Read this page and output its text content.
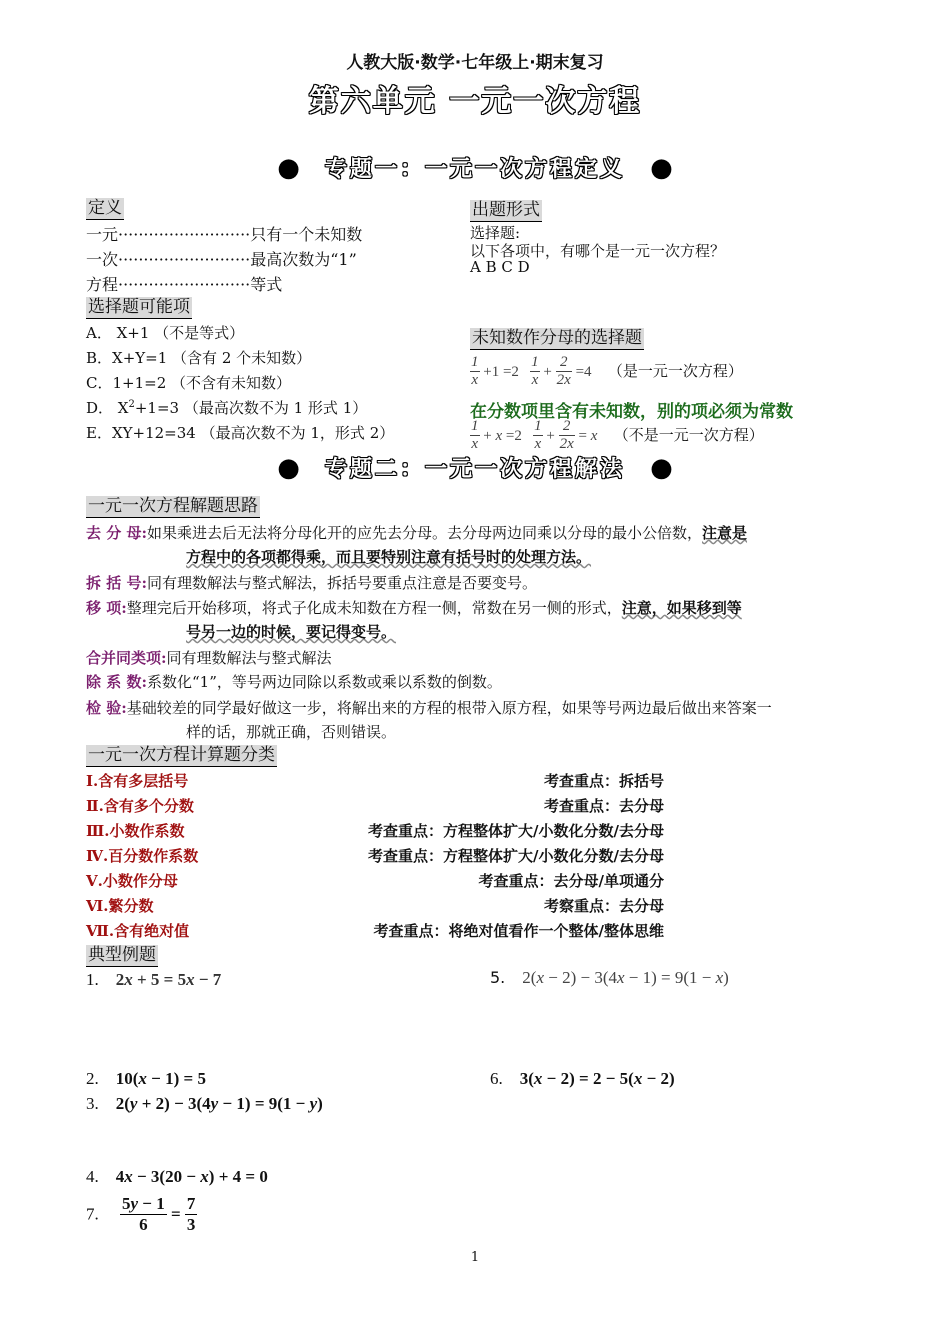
人教大版·数学·七年级上·期末复习
第六单元 一元一次方程
● 专题一：一元一次方程定义 ●
定义
一元··························只有一个未知数
一次··························最高次数为“1”
方程··························等式
选择题可能项
A． X+1 （不是等式）
B．X+Y=1 （含有 2 个未知数）
C．1+1=2 （不含有未知数）
D． $X^2+1=3$ （最高次数不为 1 形式 1）
E．XY+12=34 （最高次数不为 1，形式 2）
出题形式
选择题:
以下各项中，有哪个是一元一次方程？
A B C D
未知数作分母的选择题
$\frac{1}{x} +1 =2 \frac{1}{x} + \frac{2}{2x} =4$    （是一元一次方程）
在分数项里含有未知数，别的项必须为常数
$\frac{1}{x} + x =2 \frac{1}{x} + \frac{2}{2x} = x$ （不是一元一次方程）
● 专题二：一元一次方程解法 ●
一元一次方程解题思路
去 分 母:如果乘进去后无法将分母化开的应先去分母。去分母两边同乘以分母的最小公倍数，注意是
方程中的各项都得乘，而且要特别注意有括号时的处理方法。
拆 括 号:同有理数解法与整式解法，拆括号要重点注意是否要变号。
移 项:整理完后开始移项，将式子化成未知数在方程一侧，常数在另一侧的形式，注意，如果移到等
号另一边的时候，要记得变号。
合并同类项:同有理数解法与整式解法
除 系 数:系数化“1”，等号两边同除以系数或乘以系数的倒数。
检 验:基础较差的同学最好做这一步，将解出来的方程的根带入原方程，如果等号两边最后做出来答案一
样的话，那就正确，否则错误。
一元一次方程计算题分类
Ⅰ.含有多层括号	考查重点：拆括号
Ⅱ.含有多个分数	考查重点：去分母
Ⅲ.小数作系数	考查重点：方程整体扩大/小数化分数/去分母
Ⅳ.百分数作系数	考查重点：方程整体扩大/小数化分数/去分母
Ⅴ.小数作分母	考查重点：去分母/单项通分
Ⅵ.繁分数	考察重点：去分母
Ⅶ.含有绝对值	考查重点：将绝对值看作一个整体/整体思维
典型例题
1. 2x + 5 = 5x − 7	5. 2(x − 2) − 3(4x − 1) = 9(1 − x)
2. 10(x − 1) = 5	6. 3(x − 2) = 2 − 5(x − 2)
3. 2(y + 2) − 3(4y − 1) = 9(1 − y)
4. 4x − 3(20 − x) + 4 = 0
7. $\frac{5y - 1}{6} = \frac{7}{3}$
1
